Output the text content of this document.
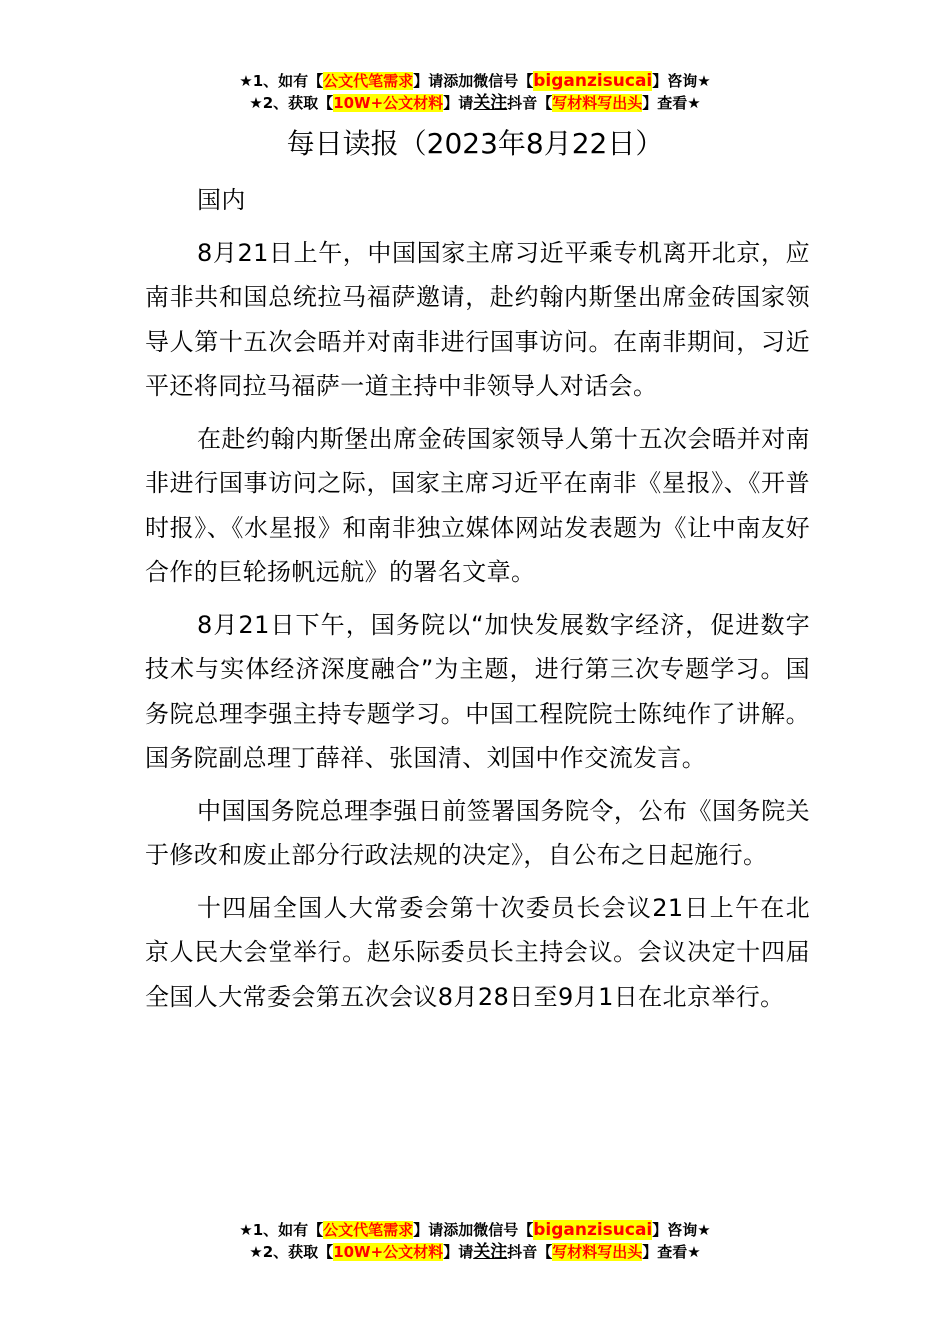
★1、如有【公文代笔需求】请添加微信号【biganzisucai】咨询★
★2、获取【10W+公文材料】请关注抖音【写材料写出头】查看★
每日读报（2023年8月22日）

国内

8月21日上午，中国国家主席习近平乘专机离开北京，应南非共和国总统拉马福萨邀请，赴约翰内斯堡出席金砖国家领导人第十五次会晤并对南非进行国事访问。在南非期间，习近平还将同拉马福萨一道主持中非领导人对话会。

在赴约翰内斯堡出席金砖国家领导人第十五次会晤并对南非进行国事访问之际，国家主席习近平在南非《星报》、《开普时报》、《水星报》和南非独立媒体网站发表题为《让中南友好合作的巨轮扬帆远航》的署名文章。

8月21日下午，国务院以“加快发展数字经济，促进数字技术与实体经济深度融合”为主题，进行第三次专题学习。国务院总理李强主持专题学习。中国工程院院士陈纯作了讲解。国务院副总理丁薛祥、张国清、刘国中作交流发言。

中国国务院总理李强日前签署国务院令，公布《国务院关于修改和废止部分行政法规的决定》，自公布之日起施行。

十四届全国人大常委会第十次委员长会议21日上午在北京人民大会堂举行。赵乐际委员长主持会议。会议决定十四届全国人大常委会第五次会议8月28日至9月1日在北京举行。

★1、如有【公文代笔需求】请添加微信号【biganzisucai】咨询★
★2、获取【10W+公文材料】请关注抖音【写材料写出头】查看★
